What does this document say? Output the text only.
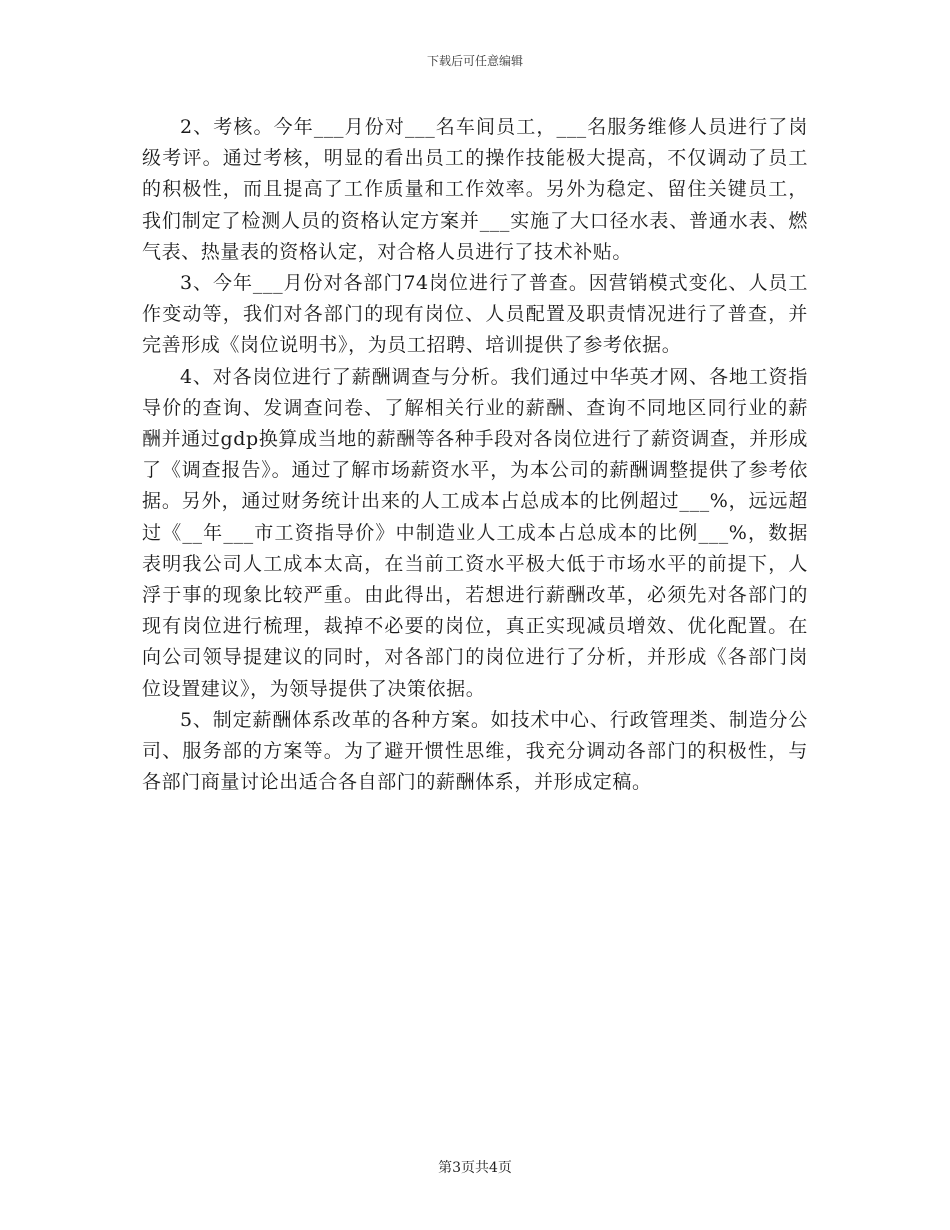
下载后可任意编辑

2、考核。今年___月份对___名车间员工，___名服务维修人员进行了岗级考评。通过考核，明显的看出员工的操作技能极大提高，不仅调动了员工的积极性，而且提高了工作质量和工作效率。另外为稳定、留住关键员工，我们制定了检测人员的资格认定方案并___实施了大口径水表、普通水表、燃气表、热量表的资格认定，对合格人员进行了技术补贴。

3、今年___月份对各部门74岗位进行了普查。因营销模式变化、人员工作变动等，我们对各部门的现有岗位、人员配置及职责情况进行了普查，并完善形成《岗位说明书》，为员工招聘、培训提供了参考依据。

4、对各岗位进行了薪酬调查与分析。我们通过中华英才网、各地工资指导价的查询、发调查问卷、了解相关行业的薪酬、查询不同地区同行业的薪酬并通过gdp换算成当地的薪酬等各种手段对各岗位进行了薪资调查，并形成了《调查报告》。通过了解市场薪资水平，为本公司的薪酬调整提供了参考依据。另外，通过财务统计出来的人工成本占总成本的比例超过___%，远远超过《__年___市工资指导价》中制造业人工成本占总成本的比例___%，数据表明我公司人工成本太高，在当前工资水平极大低于市场水平的前提下，人浮于事的现象比较严重。由此得出，若想进行薪酬改革，必须先对各部门的现有岗位进行梳理，裁掉不必要的岗位，真正实现减员增效、优化配置。在向公司领导提建议的同时，对各部门的岗位进行了分析，并形成《各部门岗位设置建议》，为领导提供了决策依据。

5、制定薪酬体系改革的各种方案。如技术中心、行政管理类、制造分公司、服务部的方案等。为了避开惯性思维，我充分调动各部门的积极性，与各部门商量讨论出适合各自部门的薪酬体系，并形成定稿。

第3页共4页
